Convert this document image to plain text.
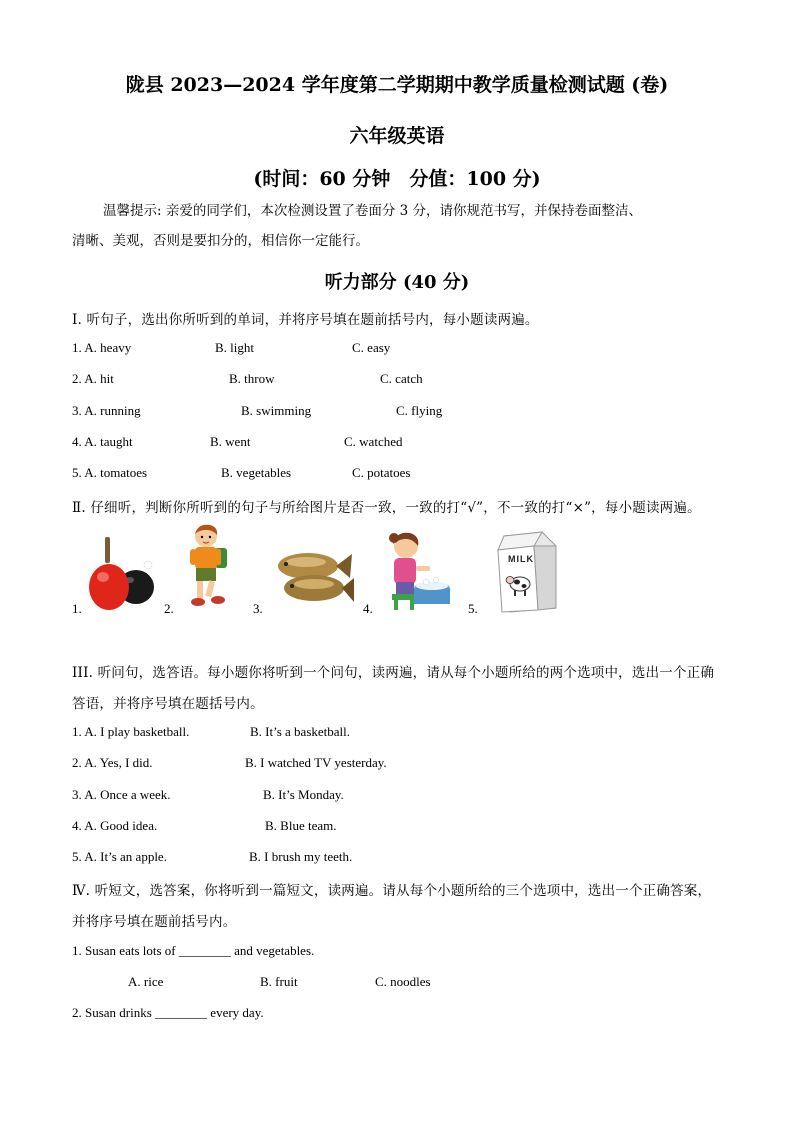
陇县 2023—2024 学年度第二学期期中教学质量检测试题 (卷)
六年级英语
(时间：60 分钟　分值：100 分)
温馨提示: 亲爱的同学们，本次检测设置了卷面分 3 分，请你规范书写，并保持卷面整洁、
清晰、美观，否则是要扣分的，相信你一定能行。
听力部分 (40 分)
Ⅰ. 听句子，选出你所听到的单词，并将序号填在题前括号内，每小题读两遍。
1. A. heavy	B. light	C. easy
2. A. hit	B. throw	C. catch
3. A. running	B. swimming	C. flying
4. A. taught	B. went	C. watched
5. A. tomatoes	B. vegetables	C. potatoes
Ⅱ. 仔细听，判断你所听到的句子与所给图片是否一致，一致的打“√”，不一致的打“×”，每小题读两遍。
1.	2.	3.	4.	5.
MILK
III. 听问句，选答语。每小题你将听到一个问句，读两遍，请从每个小题所给的两个选项中，选出一个正确
答语，并将序号填在题括号内。
1. A. I play basketball.	B. It’s a basketball.
2. A. Yes, I did.	B. I watched TV yesterday.
3. A. Once a week.	B. It’s Monday.
4. A. Good idea.	B. Blue team.
5. A. It’s an apple.	B. I brush my teeth.
Ⅳ. 听短文，选答案，你将听到一篇短文，读两遍。请从每个小题所给的三个选项中，选出一个正确答案，
并将序号填在题前括号内。
1. Susan eats lots of ________ and vegetables.
A. rice	B. fruit	C. noodles
2. Susan drinks ________ every day.
